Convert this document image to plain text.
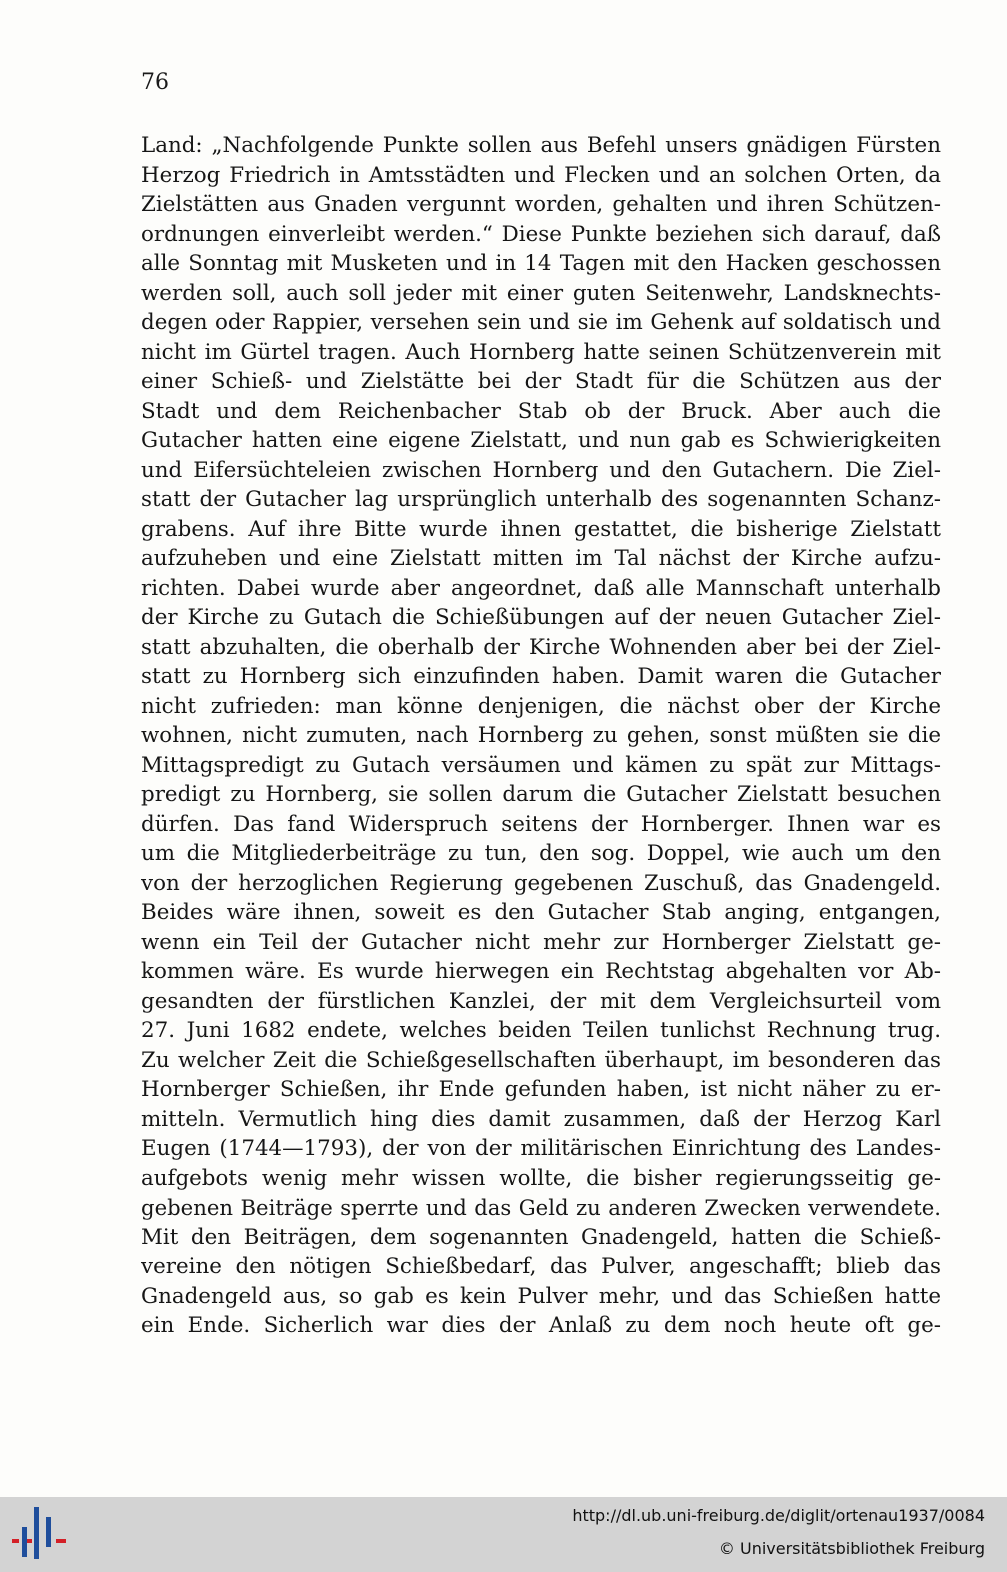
76
Land: „Nachfolgende Punkte sollen aus Befehl unsers gnädigen Fürsten
Herzog Friedrich in Amtsstädten und Flecken und an solchen Orten, da
Zielstätten aus Gnaden vergunnt worden, gehalten und ihren Schützen-
ordnungen einverleibt werden.“ Diese Punkte beziehen sich darauf, daß
alle Sonntag mit Musketen und in 14 Tagen mit den Hacken geschossen
werden soll, auch soll jeder mit einer guten Seitenwehr, Landsknechts-
degen oder Rappier, versehen sein und sie im Gehenk auf soldatisch und
nicht im Gürtel tragen. Auch Hornberg hatte seinen Schützenverein mit
einer Schieß- und Zielstätte bei der Stadt für die Schützen aus der
Stadt und dem Reichenbacher Stab ob der Bruck. Aber auch die
Gutacher hatten eine eigene Zielstatt, und nun gab es Schwierigkeiten
und Eifersüchteleien zwischen Hornberg und den Gutachern. Die Ziel-
statt der Gutacher lag ursprünglich unterhalb des sogenannten Schanz-
grabens. Auf ihre Bitte wurde ihnen gestattet, die bisherige Zielstatt
aufzuheben und eine Zielstatt mitten im Tal nächst der Kirche aufzu-
richten. Dabei wurde aber angeordnet, daß alle Mannschaft unterhalb
der Kirche zu Gutach die Schießübungen auf der neuen Gutacher Ziel-
statt abzuhalten, die oberhalb der Kirche Wohnenden aber bei der Ziel-
statt zu Hornberg sich einzufinden haben. Damit waren die Gutacher
nicht zufrieden: man könne denjenigen, die nächst ober der Kirche
wohnen, nicht zumuten, nach Hornberg zu gehen, sonst müßten sie die
Mittagspredigt zu Gutach versäumen und kämen zu spät zur Mittags-
predigt zu Hornberg, sie sollen darum die Gutacher Zielstatt besuchen
dürfen. Das fand Widerspruch seitens der Hornberger. Ihnen war es
um die Mitgliederbeiträge zu tun, den sog. Doppel, wie auch um den
von der herzoglichen Regierung gegebenen Zuschuß, das Gnadengeld.
Beides wäre ihnen, soweit es den Gutacher Stab anging, entgangen,
wenn ein Teil der Gutacher nicht mehr zur Hornberger Zielstatt ge-
kommen wäre. Es wurde hierwegen ein Rechtstag abgehalten vor Ab-
gesandten der fürstlichen Kanzlei, der mit dem Vergleichsurteil vom
27. Juni 1682 endete, welches beiden Teilen tunlichst Rechnung trug.
Zu welcher Zeit die Schießgesellschaften überhaupt, im besonderen das
Hornberger Schießen, ihr Ende gefunden haben, ist nicht näher zu er-
mitteln. Vermutlich hing dies damit zusammen, daß der Herzog Karl
Eugen (1744—1793), der von der militärischen Einrichtung des Landes-
aufgebots wenig mehr wissen wollte, die bisher regierungsseitig ge-
gebenen Beiträge sperrte und das Geld zu anderen Zwecken verwendete.
Mit den Beiträgen, dem sogenannten Gnadengeld, hatten die Schieß-
vereine den nötigen Schießbedarf, das Pulver, angeschafft; blieb das
Gnadengeld aus, so gab es kein Pulver mehr, und das Schießen hatte
ein Ende. Sicherlich war dies der Anlaß zu dem noch heute oft ge-
http://dl.ub.uni-freiburg.de/diglit/ortenau1937/0084
© Universitätsbibliothek Freiburg
